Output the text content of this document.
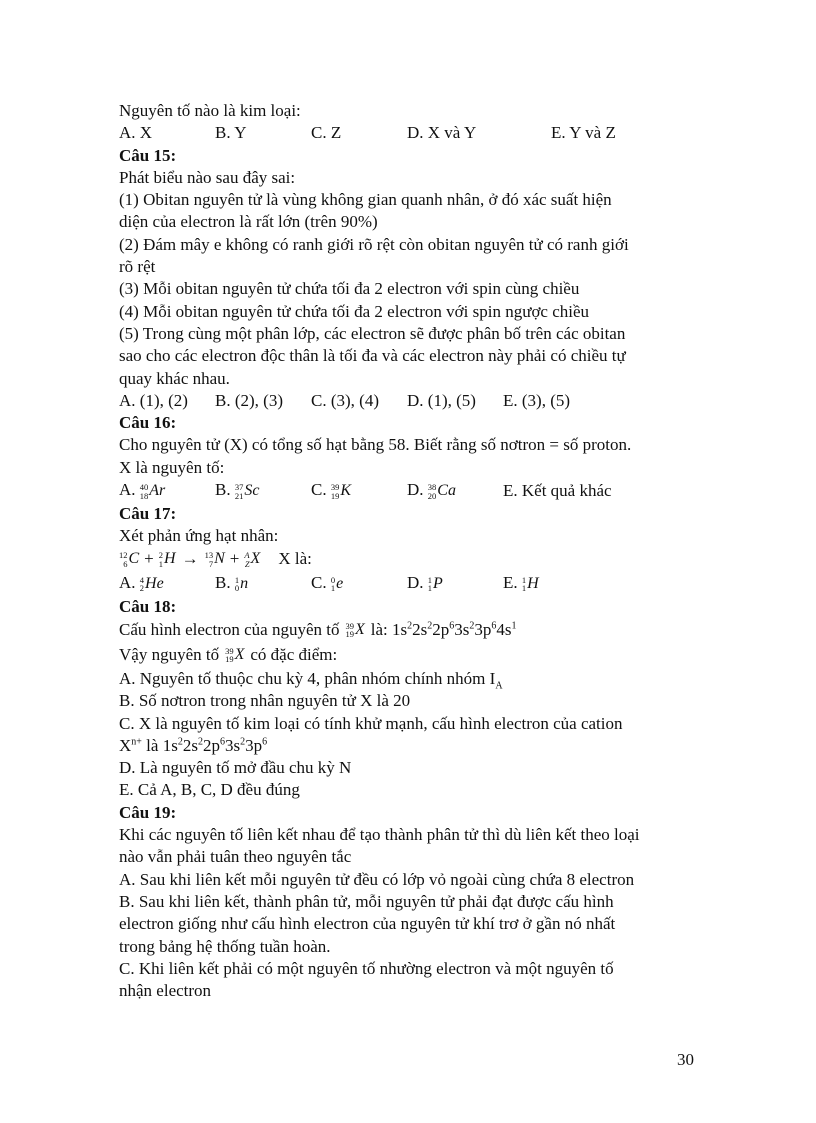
Nguyên tố nào là kim loại:
A. X	B. Y	C. Z	D. X và Y	E. Y và Z
Câu 15:
Phát biểu nào sau đây sai:
(1) Obitan nguyên tử là vùng không gian quanh nhân, ở đó xác suất hiện
diện của electron là rất lớn (trên 90%)
(2) Đám mây e không có ranh giới rõ rệt còn obitan nguyên tử có ranh giới
rõ rệt
(3) Mỗi obitan nguyên tử chứa tối đa 2 electron với spin cùng chiều
(4) Mỗi obitan nguyên tử chứa tối đa 2 electron với spin ngược chiều
(5) Trong cùng một phân lớp, các electron sẽ được phân bố trên các obitan
sao cho các electron độc thân là tối đa và các electron này phải có chiều tự
quay khác nhau.
A. (1), (2)	B. (2), (3)	C. (3), (4)	D. (1), (5)	E. (3), (5)
Câu 16:
Cho nguyên tử (X) có tổng số hạt bằng 58. Biết rằng số nơtron = số proton.
X là nguyên tố:
A. 40
18 Ar	B. 37
21 Sc	C. 39
19 K	D. 38
20 Ca	E. Kết quả khác
Câu 17:
Xét phản ứng hạt nhân:
12
6 C + 2
1 H → 13
7 N + A
Z X X là:
A. 4
2 He	B. 1
0 n	C. 0
1 e	D. 1
1 P	E. 1
1 H
Câu 18:
Cấu hình electron của nguyên tố 39
19 X là:
$1s^22s^22p^63s^23p^64s^1$
Vậy nguyên tố 39
19 X có đặc điểm:
A. Nguyên tố thuộc chu kỳ 4, phân nhóm chính nhóm $I_A$
B. Số nơtron trong nhân nguyên tử X là 20
C. X là nguyên tố kim loại có tính khử mạnh, cấu hình electron của cation
$X^{n+}$ là $1s^22s^22p^63s^23p^6$
D. Là nguyên tố mở đầu chu kỳ N
E. Cả A, B, C, D đều đúng
Câu 19:
Khi các nguyên tố liên kết nhau để tạo thành phân tử thì dù liên kết theo loại
nào vẫn phải tuân theo nguyên tắc
A. Sau khi liên kết mỗi nguyên tử đều có lớp vỏ ngoài cùng chứa 8 electron
B. Sau khi liên kết, thành phân tử, mỗi nguyên tử phải đạt được cấu hình
electron giống như cấu hình electron của nguyên tử khí trơ ở gần nó nhất
trong bảng hệ thống tuần hoàn.
C. Khi liên kết phải có một nguyên tố nhường electron và một nguyên tố
nhận electron
30
